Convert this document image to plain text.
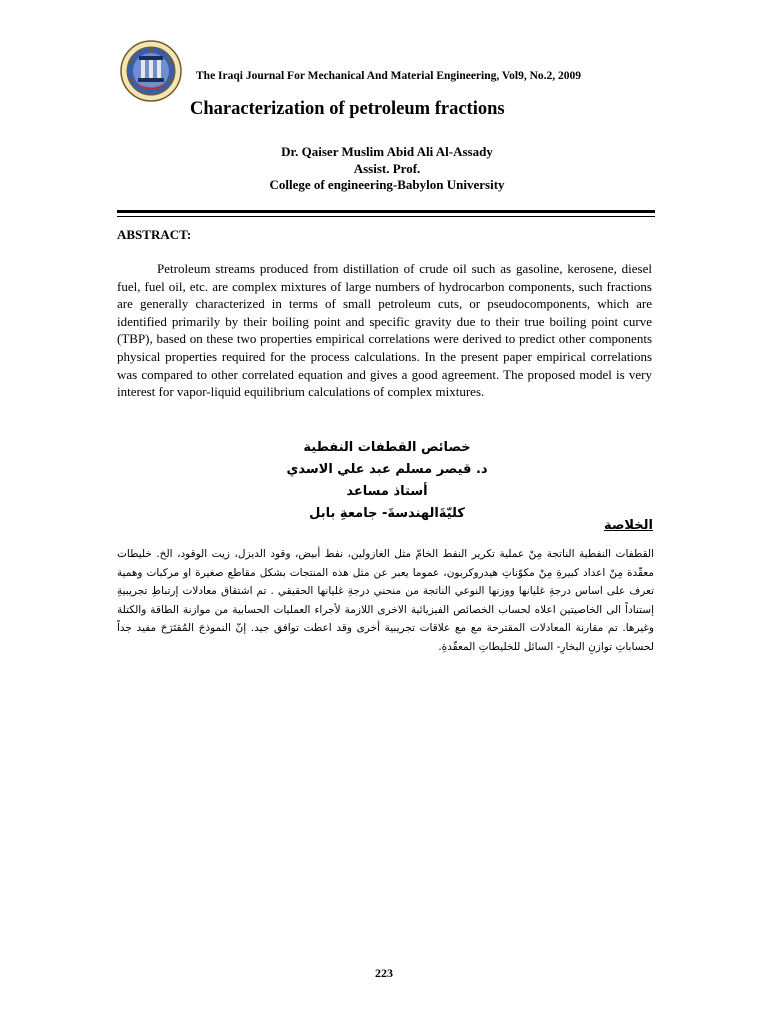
The Iraqi Journal For Mechanical And Material Engineering, Vol9, No.2, 2009
Characterization of petroleum fractions
Dr. Qaiser Muslim Abid Ali Al-Assady
Assist. Prof.
College of engineering-Babylon University
ABSTRACT:

Petroleum streams produced from distillation of crude oil such as gasoline, kerosene, diesel fuel, fuel oil, etc. are complex mixtures of large numbers of hydrocarbon components, such fractions are generally characterized in terms of small petroleum cuts, or pseudocomponents, which are identified primarily by their boiling point and specific gravity due to their true boiling point curve (TBP), based on these two properties empirical correlations were derived to predict other components physical properties required for the process calculations. In the present paper empirical correlations was compared to other correlated equation and gives a good agreement. The proposed model is very interest for vapor-liquid equilibrium calculations of complex mixtures.

خصائص القطفات النفطية
د. قيصر مسلم عبد علي الاسدي
أستاذ مساعد
كليّةَالهندسةَ- جامعةِ بابل
الخلاصة

القطفات النفطية الناتجة مِنْ عملية تكرير النفط الخامّ مثل الغازولين، نفط أبيض، وقود الديزل، زيت الوقود، الخ. خليطات معقّدة مِنْ اعداد كبيرةِ مِنْ مكوّناتِ هيدروكربون، عموما يعبر عن مثل هذه المنتجات بشكل مقاطع صغيرة او مركبات وهمية تعرف على اساس درجةِ غليانها ووزنها النوعي الناتجة من منحني درجةِ غليانها الحقيقي . تم اشتقاق معادلات إرتباطِ تجريبيةِ إستناداً الى الخاصيتين اعلاه لحساب الخصائص الفيزيائية الاخرى اللازمة لأجراء العمليات الحسابية من موازنة الطاقة والكتلة وغيرها. تم مقارنة المعادلات المقترحة مع مع علاقات تجريبية أخرى وقد اعطت توافق جيد. إنّ النموذجَ المُقتَرَحَ مفيد جداً لحساباتِ توازنِ البخارِ- السائل للخليطاتِ المعقّدةِ.

223
